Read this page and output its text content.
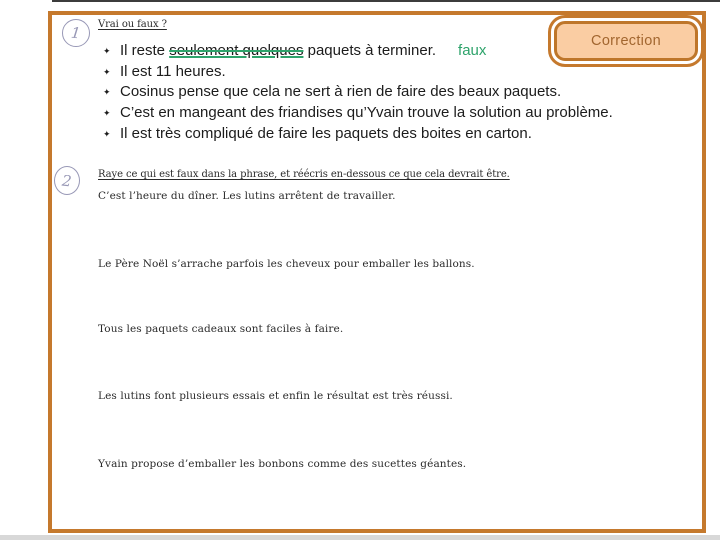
Correction
1 Vrai ou faux ?
✦ Il reste seulement quelques paquets à terminer. faux
✦ Il est 11 heures.
✦ Cosinus pense que cela ne sert à rien de faire des beaux paquets.
✦ C’est en mangeant des friandises qu’Yvain trouve la solution au problème.
✦ Il est très compliqué de faire les paquets des boites en carton.
2	Raye ce qui est faux dans la phrase, et réécris en-dessous ce que cela devrait être.
C’est l’heure du dîner. Les lutins arrêtent de travailler.
Le Père Noël s’arrache parfois les cheveux pour emballer les ballons.
Tous les paquets cadeaux sont faciles à faire.
Les lutins font plusieurs essais et enfin le résultat est très réussi.
Yvain propose d’emballer les bonbons comme des sucettes géantes.
